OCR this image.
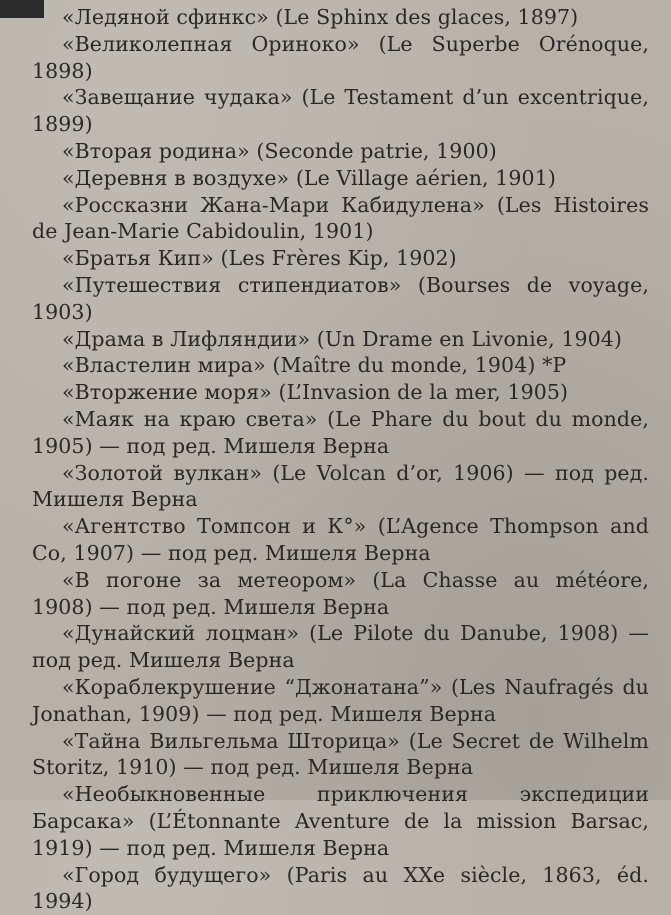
«Ледяной сфинкс» (Le Sphinx des glaces, 1897)

«Великолепная Ориноко» (Le Superbe Orénoque, 1898)

«Завещание чудака» (Le Testament d’un excentrique, 1899)

«Вторая родина» (Seconde patrie, 1900)

«Деревня в воздухе» (Le Village aérien, 1901)

«Россказни Жана-Мари Кабидулена» (Les Histoires de Jean-Marie Cabidoulin, 1901)

«Братья Кип» (Les Frères Kip, 1902)

«Путешествия стипендиатов» (Bourses de voyage, 1903)

«Драма в Лифляндии» (Un Drame en Livonie, 1904)

«Властелин мира» (Maître du monde, 1904) *P

«Вторжение моря» (L’Invasion de la mer, 1905)

«Маяк на краю света» (Le Phare du bout du monde, 1905) — под ред. Мишеля Верна

«Золотой вулкан» (Le Volcan d’or, 1906) — под ред. Мишеля Верна

«Агентство Томпсон и К°» (L’Agence Thompson and Co, 1907) — под ред. Мишеля Верна

«В погоне за метеором» (La Chasse au météore, 1908) — под ред. Мишеля Верна

«Дунайский лоцман» (Le Pilote du Danube, 1908) — под ред. Мишеля Верна

«Кораблекрушение “Джонатана”» (Les Naufragés du Jonathan, 1909) — под ред. Мишеля Верна

«Тайна Вильгельма Шторица» (Le Secret de Wilhelm Storitz, 1910) — под ред. Мишеля Верна

«Необыкновенные приключения экспедиции Барсака» (L’Étonnante Aventure de la mission Barsac, 1919) — под ред. Мишеля Верна

«Город будущего» (Paris au XXe siècle, 1863, éd. 1994)
